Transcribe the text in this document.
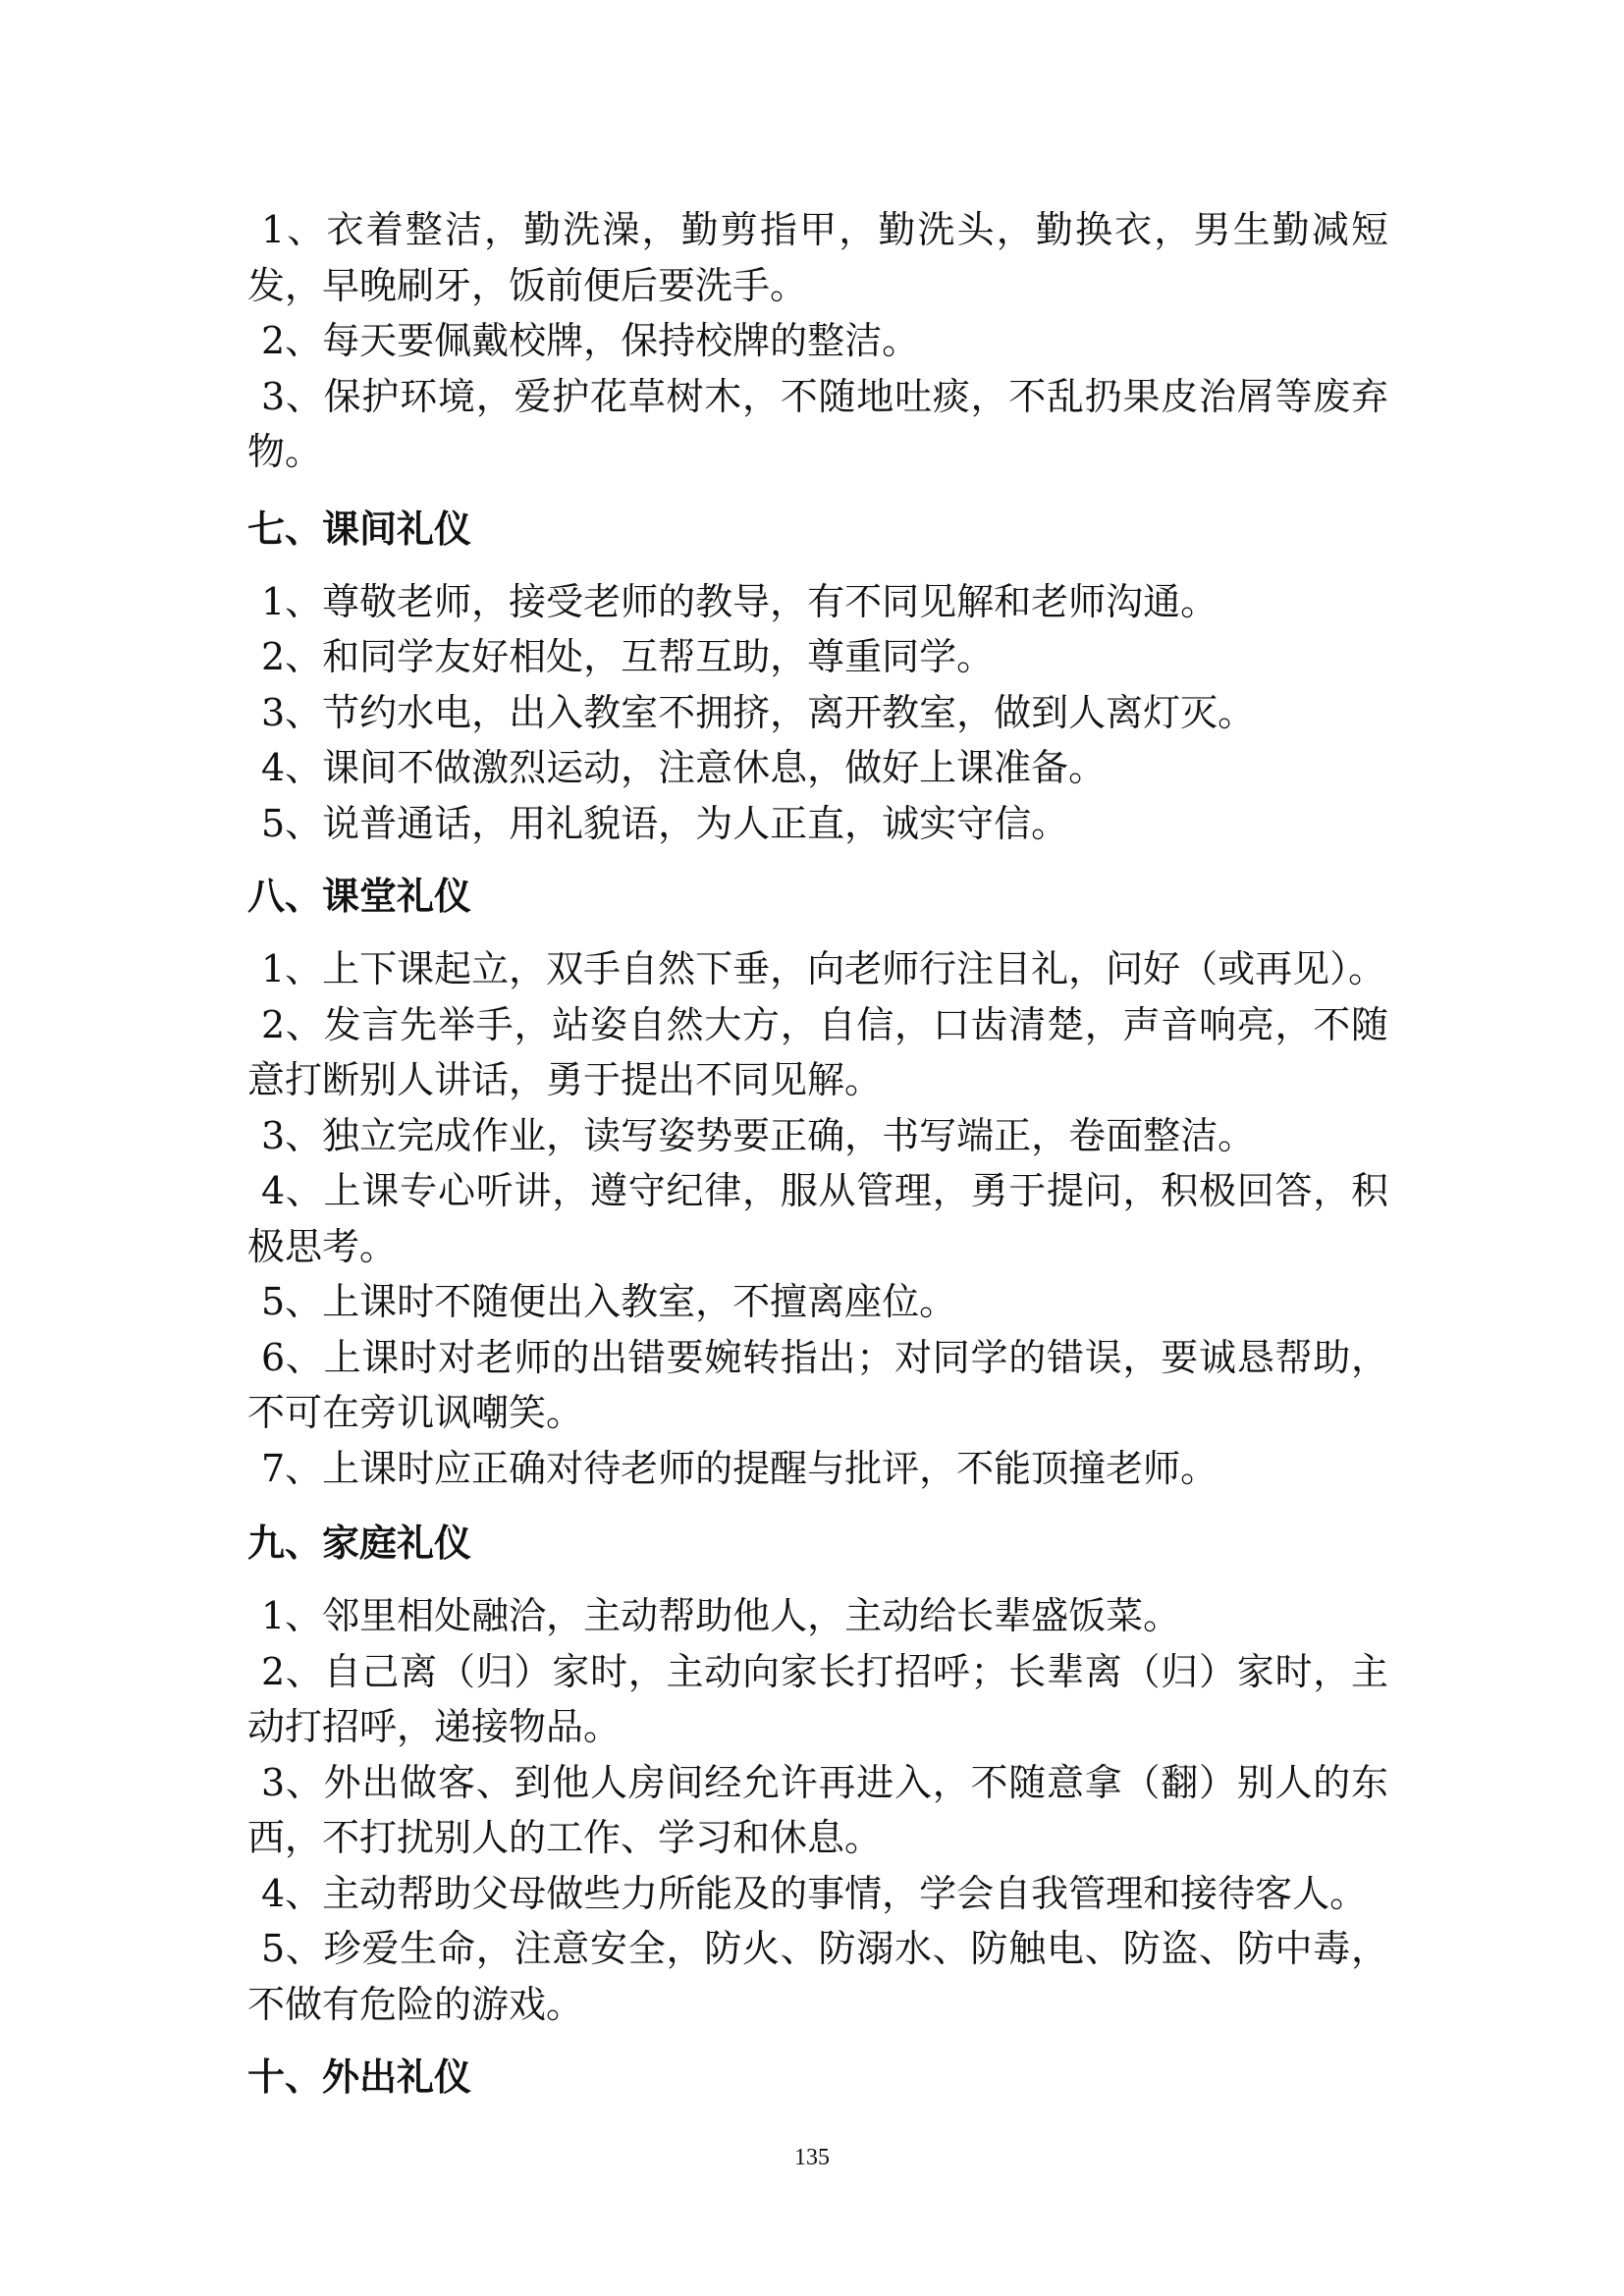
1、衣着整洁，勤洗澡，勤剪指甲，勤洗头，勤换衣，男生勤减短发，早晚刷牙，饭前便后要洗手。

2、每天要佩戴校牌，保持校牌的整洁。

3、保护环境，爱护花草树木，不随地吐痰，不乱扔果皮治屑等废弃物。

七、课间礼仪

1、尊敬老师，接受老师的教导，有不同见解和老师沟通。

2、和同学友好相处，互帮互助，尊重同学。

3、节约水电，出入教室不拥挤，离开教室，做到人离灯灭。

4、课间不做激烈运动，注意休息，做好上课准备。

5、说普通话，用礼貌语，为人正直，诚实守信。

八、课堂礼仪

1、上下课起立，双手自然下垂，向老师行注目礼，问好（或再见）。

2、发言先举手，站姿自然大方，自信，口齿清楚，声音响亮，不随意打断别人讲话，勇于提出不同见解。

3、独立完成作业，读写姿势要正确，书写端正，卷面整洁。

4、上课专心听讲，遵守纪律，服从管理，勇于提问，积极回答，积极思考。

5、上课时不随便出入教室，不擅离座位。

6、上课时对老师的出错要婉转指出；对同学的错误，要诚恳帮助，不可在旁讥讽嘲笑。

7、上课时应正确对待老师的提醒与批评，不能顶撞老师。

九、家庭礼仪

1、邻里相处融洽，主动帮助他人，主动给长辈盛饭菜。

2、自己离（归）家时，主动向家长打招呼；长辈离（归）家时，主动打招呼，递接物品。

3、外出做客、到他人房间经允许再进入，不随意拿（翻）别人的东西，不打扰别人的工作、学习和休息。

4、主动帮助父母做些力所能及的事情，学会自我管理和接待客人。

5、珍爱生命，注意安全，防火、防溺水、防触电、防盗、防中毒，不做有危险的游戏。

十、外出礼仪
135
